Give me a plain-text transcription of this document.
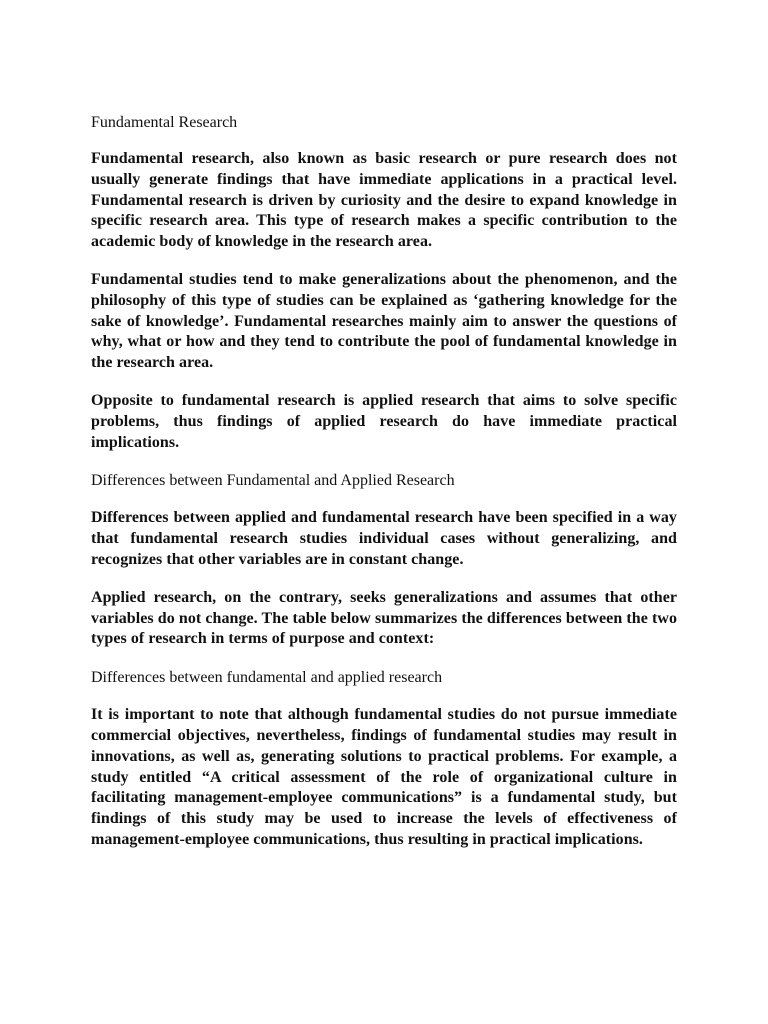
Fundamental Research

Fundamental research, also known as basic research or pure research does not usually generate findings that have immediate applications in a practical level. Fundamental research is driven by curiosity and the desire to expand knowledge in specific research area. This type of research makes a specific contribution to the academic body of knowledge in the research area.

Fundamental studies tend to make generalizations about the phenomenon, and the philosophy of this type of studies can be explained as ‘gathering knowledge for the sake of knowledge’. Fundamental researches mainly aim to answer the questions of why, what or how and they tend to contribute the pool of fundamental knowledge in the research area.

Opposite to fundamental research is applied research that aims to solve specific problems, thus findings of applied research do have immediate practical implications.

Differences between Fundamental and Applied Research

Differences between applied and fundamental research have been specified in a way that fundamental research studies individual cases without generalizing, and recognizes that other variables are in constant change.

Applied research, on the contrary, seeks generalizations and assumes that other variables do not change. The table below summarizes the differences between the two types of research in terms of purpose and context:

Differences between fundamental and applied research

It is important to note that although fundamental studies do not pursue immediate commercial objectives, nevertheless, findings of fundamental studies may result in innovations, as well as, generating solutions to practical problems. For example, a study entitled “A critical assessment of the role of organizational culture in facilitating management-employee communications” is a fundamental study, but findings of this study may be used to increase the levels of effectiveness of management-employee communications, thus resulting in practical implications.
